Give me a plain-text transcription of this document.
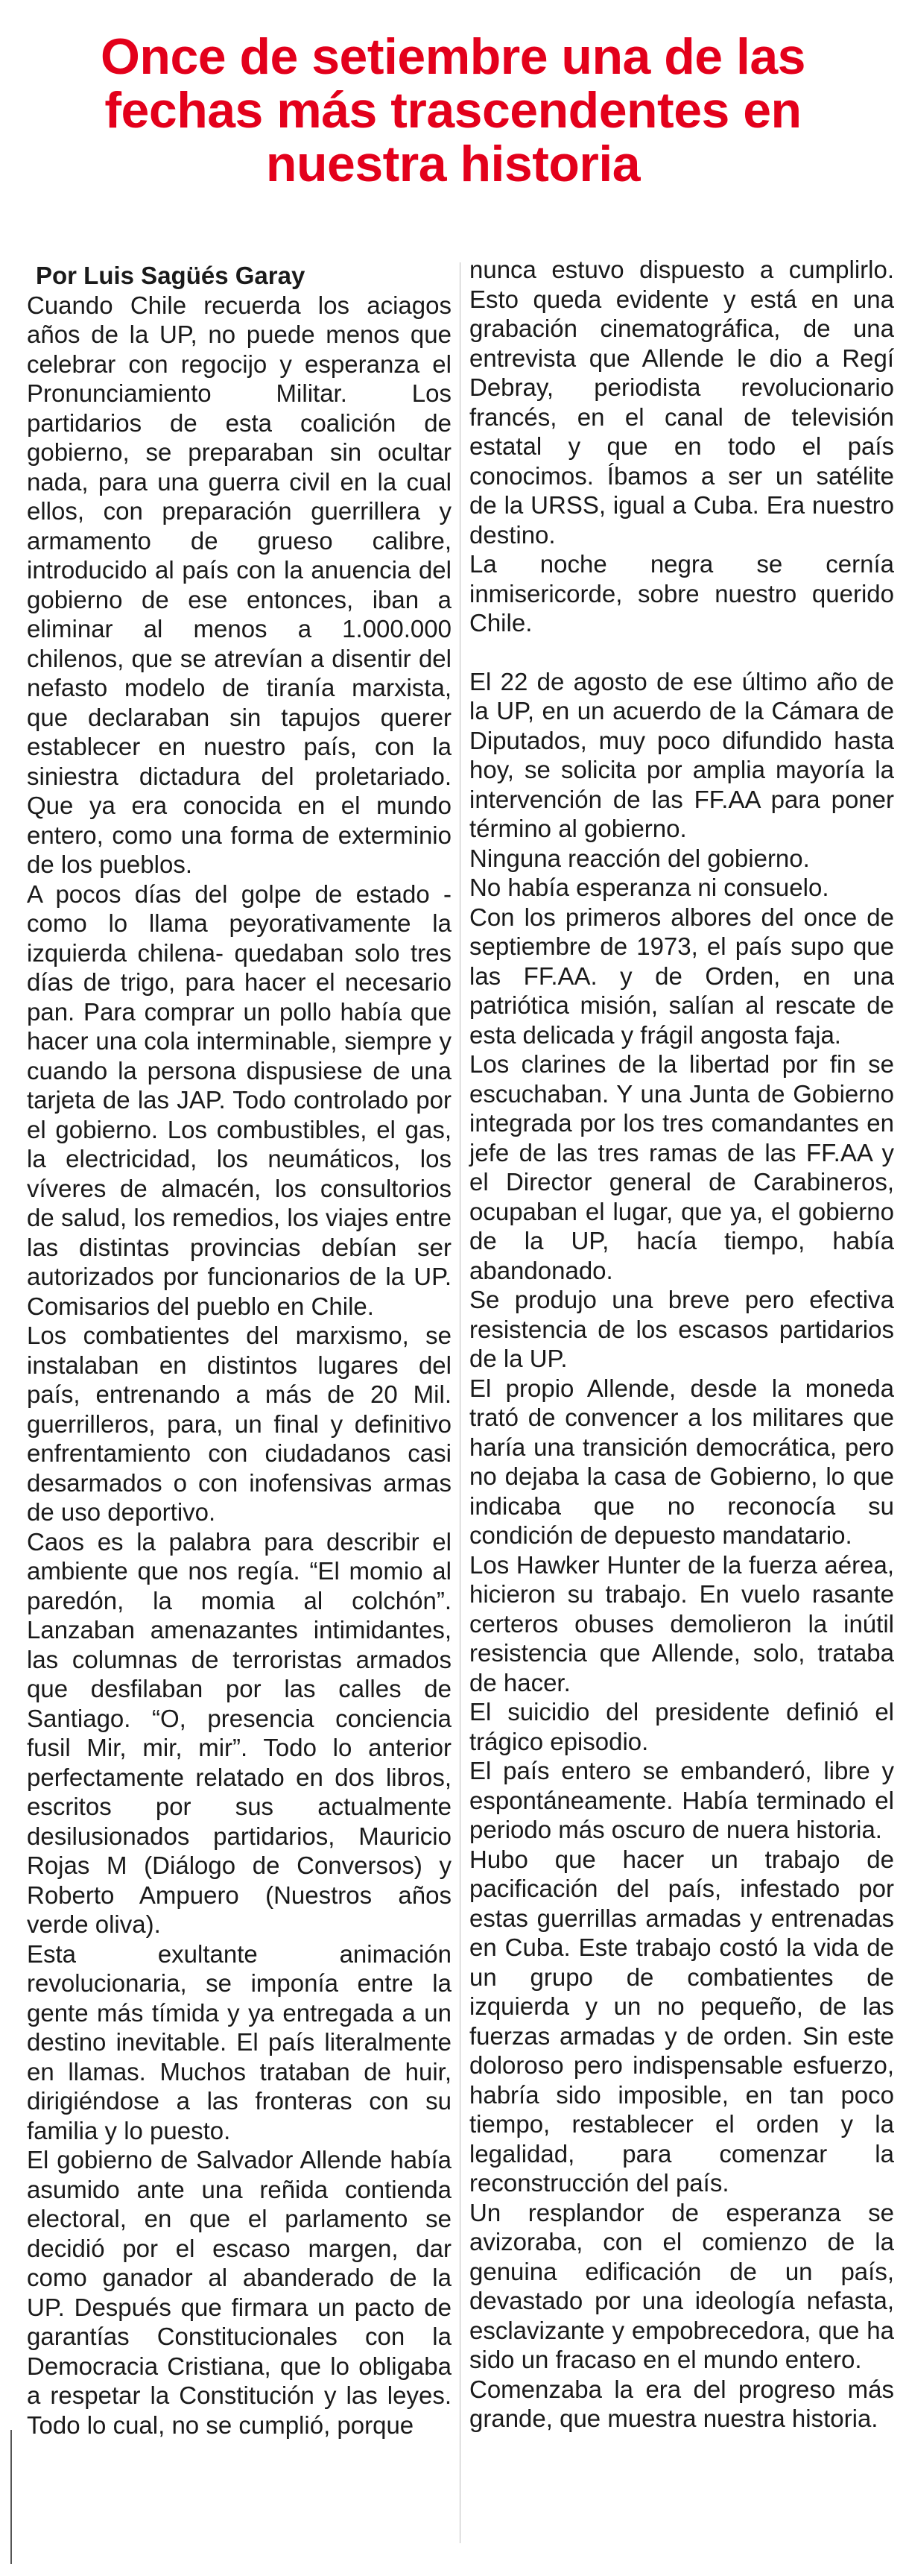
Once de setiembre una de las fechas más trascendentes en nuestra historia

Por Luis Sagüés Garay

Cuando Chile recuerda los aciagos años de la UP, no puede menos que celebrar con regocijo y esperanza el Pronunciamiento Militar. Los partidarios de esta coalición de gobierno, se preparaban sin ocultar nada, para una guerra civil en la cual ellos, con preparación guerrillera y armamento de grueso calibre, introducido al país con la anuencia del gobierno de ese entonces, iban a eliminar al menos a 1.000.000 chilenos, que se atrevían a disentir del nefasto modelo de tiranía marxista, que declaraban sin tapujos querer establecer en nuestro país, con la siniestra dictadura del proletariado. Que ya era conocida en el mundo entero, como una forma de exterminio de los pueblos.

A pocos días del golpe de estado -como lo llama peyorativamente la izquierda chilena- quedaban solo tres días de trigo, para hacer el necesario pan. Para comprar un pollo había que hacer una cola interminable, siempre y cuando la persona dispusiese de una tarjeta de las JAP. Todo controlado por el gobierno. Los combustibles, el gas, la electricidad, los neumáticos, los víveres de almacén, los consultorios de salud, los remedios, los viajes entre las distintas provincias debían ser autorizados por funcionarios de la UP. Comisarios del pueblo en Chile.

Los combatientes del marxismo, se instalaban en distintos lugares del país, entrenando a más de 20 Mil. guerrilleros, para, un final y definitivo enfrentamiento con ciudadanos casi desarmados o con inofensivas armas de uso deportivo.

Caos es la palabra para describir el ambiente que nos regía. “El momio al paredón, la momia al colchón”. Lanzaban amenazantes intimidantes, las columnas de terroristas armados que desfilaban por las calles de Santiago. “O, presencia conciencia fusil Mir, mir, mir”. Todo lo anterior perfectamente relatado en dos libros, escritos por sus actualmente desilusionados partidarios, Mauricio Rojas M (Diálogo de Conversos) y Roberto Ampuero (Nuestros años verde oliva).

Esta exultante animación revolucionaria, se imponía entre la gente más tímida y ya entregada a un destino inevitable. El país literalmente en llamas. Muchos trataban de huir, dirigiéndose a las fronteras con su familia y lo puesto.

El gobierno de Salvador Allende había asumido ante una reñida contienda electoral, en que el parlamento se decidió por el escaso margen, dar como ganador al abanderado de la UP. Después que firmara un pacto de garantías Constitucionales con la Democracia Cristiana, que lo obligaba a respetar la Constitución y las leyes. Todo lo cual, no se cumplió, porque

nunca estuvo dispuesto a cumplirlo. Esto queda evidente y está en una grabación cinematográfica, de una entrevista que Allende le dio a Regí Debray, periodista revolucionario francés, en el canal de televisión estatal y que en todo el país conocimos. Íbamos a ser un satélite de la URSS, igual a Cuba. Era nuestro destino.

La noche negra se cernía inmisericorde, sobre nuestro querido Chile.

El 22 de agosto de ese último año de la UP, en un acuerdo de la Cámara de Diputados, muy poco difundido hasta hoy, se solicita por amplia mayoría la intervención de las FF.AA para poner término al gobierno.

Ninguna reacción del gobierno.

No había esperanza ni consuelo.

Con los primeros albores del once de septiembre de 1973, el país supo que las FF.AA. y de Orden, en una patriótica misión, salían al rescate de esta delicada y frágil angosta faja.

Los clarines de la libertad por fin se escuchaban. Y una Junta de Gobierno integrada por los tres comandantes en jefe de las tres ramas de las FF.AA y el Director general de Carabineros, ocupaban el lugar, que ya, el gobierno de la UP, hacía tiempo, había abandonado.

Se produjo una breve pero efectiva resistencia de los escasos partidarios de la UP.

El propio Allende, desde la moneda trató de convencer a los militares que haría una transición democrática, pero no dejaba la casa de Gobierno, lo que indicaba que no reconocía su condición de depuesto mandatario.

Los Hawker Hunter de la fuerza aérea, hicieron su trabajo. En vuelo rasante certeros obuses demolieron la inútil resistencia que Allende, solo, trataba de hacer.

El suicidio del presidente definió el trágico episodio.

El país entero se embanderó, libre y espontáneamente. Había terminado el periodo más oscuro de nuera historia.

Hubo que hacer un trabajo de pacificación del país, infestado por estas guerrillas armadas y entrenadas en Cuba. Este trabajo costó la vida de un grupo de combatientes de izquierda y un no pequeño, de las fuerzas armadas y de orden. Sin este doloroso pero indispensable esfuerzo, habría sido imposible, en tan poco tiempo, restablecer el orden y la legalidad, para comenzar la reconstrucción del país.

Un resplandor de esperanza se avizoraba, con el comienzo de la genuina edificación de un país, devastado por una ideología nefasta, esclavizante y empobrecedora, que ha sido un fracaso en el mundo entero.

Comenzaba la era del progreso más grande, que muestra nuestra historia.
